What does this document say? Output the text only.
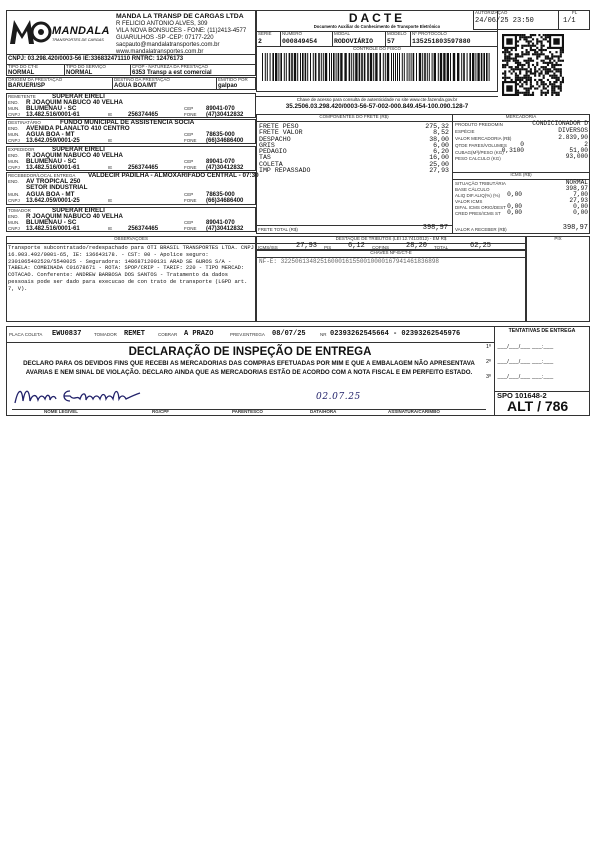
MANDALA
TRANSPORTES DE CARGAS
MANDA LA TRANSP DE CARGAS LTDA
R FELICIO ANTONIO ALVES, 309
VILA NOVA BONSUCES - FONE: (11)2413-4577
GUARULHOS -SP -CEP: 07177-220
sacpauto@mandalatransportes.com.br
www.mandalatransportes.com.br
CNPJ: 03.298.420/0003-56 IE:336832471110 RNTRC: 12476173
TIPO DO CT-E
NORMAL
TIPO DO SERVIÇO
NORMAL
CFOP - NATUREZA DA PRESTAÇÃO
6353 Transp a est comercial
ORIGEM DA PRESTAÇÃO
BARUERI/SP
DESTINO DA PRESTAÇÃO
AGUA BOA/MT
EMITIDO POR
galpao
DACTE
Documento Auxiliar do Conhecimento de Transporte Eletrônico
SÉRIE
2
NÚMERO
000849454
MODAL
RODOVIÁRIO
MODELO
57
Nº PROTOCOLO
135251803597880
CONTROLE DO FISCO
Chave de acesso para consulta de autenticidade no site www.cte.fazenda.gov.br
35.2506.03.298.420/0003-56-57-002-000.849.454-100.090.128-7
AUTORIZAÇÃO
24/06/25 23:50
FL
1/1
REMETENTE	SUPERAR EIRELI
END. R JOAQUIM NABUCO 40 VELHA
MUN. BLUMENAU - SC
CNPJ 13.482.516/0001-61	IE	256374465
CEP 89041-070
FONE (47)30412832
DESTINATÁRIO	FUNDO MUNICIPAL DE ASSISTENCIA SOCIA
END. AVENIDA PLANALTO 410 CENTRO
MUN. AGUA BOA - MT
CNPJ 13.642.059/0001-25	IE
CEP 78635-000
FONE (66)34686400
EXPEDIDOR	SUPERAR EIRELI
END. R JOAQUIM NABUCO 40 VELHA
MUN. BLUMENAU - SC
CNPJ 13.482.516/0001-61	IE	256374465
CEP 89041-070
FONE (47)30412832
RECEBEDOR/LOCAL ENTREGA VALDECIR PADILHA - ALMOXARIFADO CENTRAL - 07:30
END. AV TROPICAL 250
SETOR INDUSTRIAL
MUN. AGUA BOA - MT
CNPJ 13.642.059/0001-25	IE
CEP 78635-000
FONE (66)34686400
TOMADOR	SUPERAR EIRELI
END. R JOAQUIM NABUCO 40 VELHA
MUN. BLUMENAU - SC
CNPJ 13.482.516/0001-61	IE	256374465
CEP 89041-070
FONE (47)30412832
COMPONENTES DO FRETE (R$)	MERCADORIA
FRETE PESO	275,32
FRETE VALOR	8,52
DESPACHO	38,00
GRIS	6,00
PEDAGIO	6,20
TAS	16,00
COLETA	25,00
IMP REPASSADO	27,93
FRETE TOTAL (R$)	398,97
PRODUTO PREDOMIN	CONDICIONADOR D
ESPÉCIE	DIVERSOS
VALOR MERCADORIA (R$)	2.839,90
QTDE PARES/VOLUMES	0	2
CUBAG(M³)/PESO (KG)
0,3100	51,00
PESO CALCULO (KG)	93,000
ICMS (R$)
SITUAÇÃO TRIBUTÁRIA	NORMAL
BASE CÁLCULO	398,97
ALIQ DIF.ALIQ(%) (%)	0,00	7,00
VALOR ICMS	27,93
DIFAL ICMS ORIG/DEST 0,00	0,00
CRED PRES/ICMS ST	0,00	0,00
VALOR A RECEBER (R$)	398,97
OBSERVAÇÕES
Transporte subcontratado/redespachado para OTI BRASIL TRANSPORTES LTDA. CNPJ 16.903.492/0001-65, IE: 136643178. - CST: 00 - Apolice seguro: 2301065402520/5540025 - Seguradora: 1486871200131 ARAD SE GUROS S/A - TABELA: COMBINADA C01678671 - ROTA: SPOP/CRIP - TARIF: 220 - TIPO MERCAD: COTACAO. Conferente: ANDREW BARBOSA DOS SANTOS - Tratamento da dados pessoais pode ser dado para execucao de con trato de transporte (LGPD art. 7, V).
DESTAQUE DE TRIBUTOS (LEI 12.741/2012) - EM R$	PIX
ICMS/ISS	27,93 PIS 6,12 COFINS 28,20 TOTAL	62,25
CHAVES NF-E/CT-E
NF-E: 32250613482516000161550010000167941461836898
PLACA COLETA EWU0837	TOMADOR REMET	COBRAR A PRAZO	PREV.ENTREGA 08/07/25	NR 02393262545664 - 02393262545976	TENTATIVAS DE ENTREGA
1º ___/___/___ ___:___
2º ___/___/___ ___:___
3º ___/___/___ ___:___
DECLARAÇÃO DE INSPEÇÃO DE ENTREGA
DECLARO PARA OS DEVIDOS FINS QUE RECEBI AS MERCADORIAS DAS COMPRAS EFETUADAS POR MIM E QUE A EMBALAGEM NÃO APRESENTAVA AVARIAS E NEM SINAL DE VIOLAÇÃO. DECLARO AINDA QUE AS MERCADORIAS ESTÃO DE ACORDO COM A NOTA FISCAL E EM PERFEITO ESTADO.
02.07.25
NOME LEGÍVEL	RG/CPF	PARENTESCO	DATA/HORA	ASSINATURA/CARIMBO
SPO 101648-2
ALT / 786
